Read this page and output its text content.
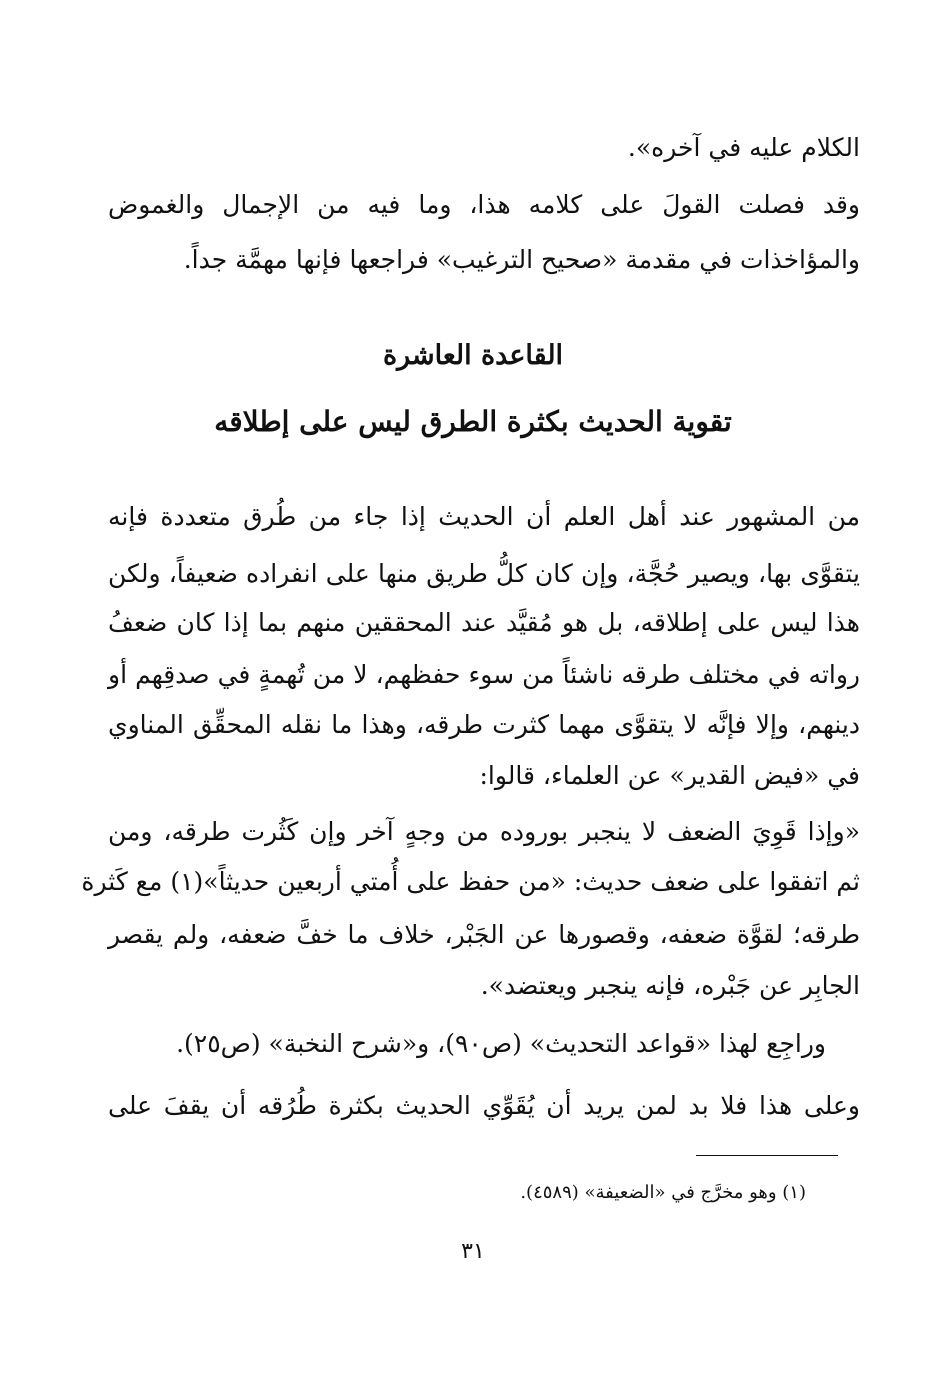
الكلام عليه في آخره».

وقد فصلت القولَ على كلامه هذا، وما فيه من الإجمال والغموض

والمؤاخذات في مقدمة «صحيح الترغيب» فراجعها فإنها مهمَّة جداً.

القاعدة العاشرة

تقوية الحديث بكثرة الطرق ليس على إطلاقه

من المشهور عند أهل العلم أن الحديث إذا جاء من طُرق متعددة فإنه

يتقوَّى بها، ويصير حُجَّة، وإن كان كلُّ طريق منها على انفراده ضعيفاً، ولكن

هذا ليس على إطلاقه، بل هو مُقيَّد عند المحققين منهم بما إذا كان ضعفُ

رواته في مختلف طرقه ناشئاً من سوء حفظهم، لا من تُهمةٍ في صدقِهم أو

دينهم، وإلا فإنَّه لا يتقوَّى مهما كثرت طرقه، وهذا ما نقله المحقِّق المناوي

في «فيض القدير» عن العلماء، قالوا:

«وإذا قَوِيَ الضعف لا ينجبر بوروده من وجهٍ آخر وإن كَثُرت طرقه، ومن

ثم اتفقوا على ضعف حديث: «من حفظ على أُمتي أربعين حديثاً»(١) مع كَثرة

طرقه؛ لقوَّة ضعفه، وقصورها عن الجَبْر، خلاف ما خفَّ ضعفه، ولم يقصر

الجابِر عن جَبْره، فإنه ينجبر ويعتضد».

وراجِع لهذا «قواعد التحديث» (ص٩٠)، و«شرح النخبة» (ص٢٥).

وعلى هذا فلا بد لمن يريد أن يُقَوِّي الحديث بكثرة طُرُقه أن يقفَ على

(١) وهو مخرَّج في «الضعيفة» (٤٥٨٩).

٣١
